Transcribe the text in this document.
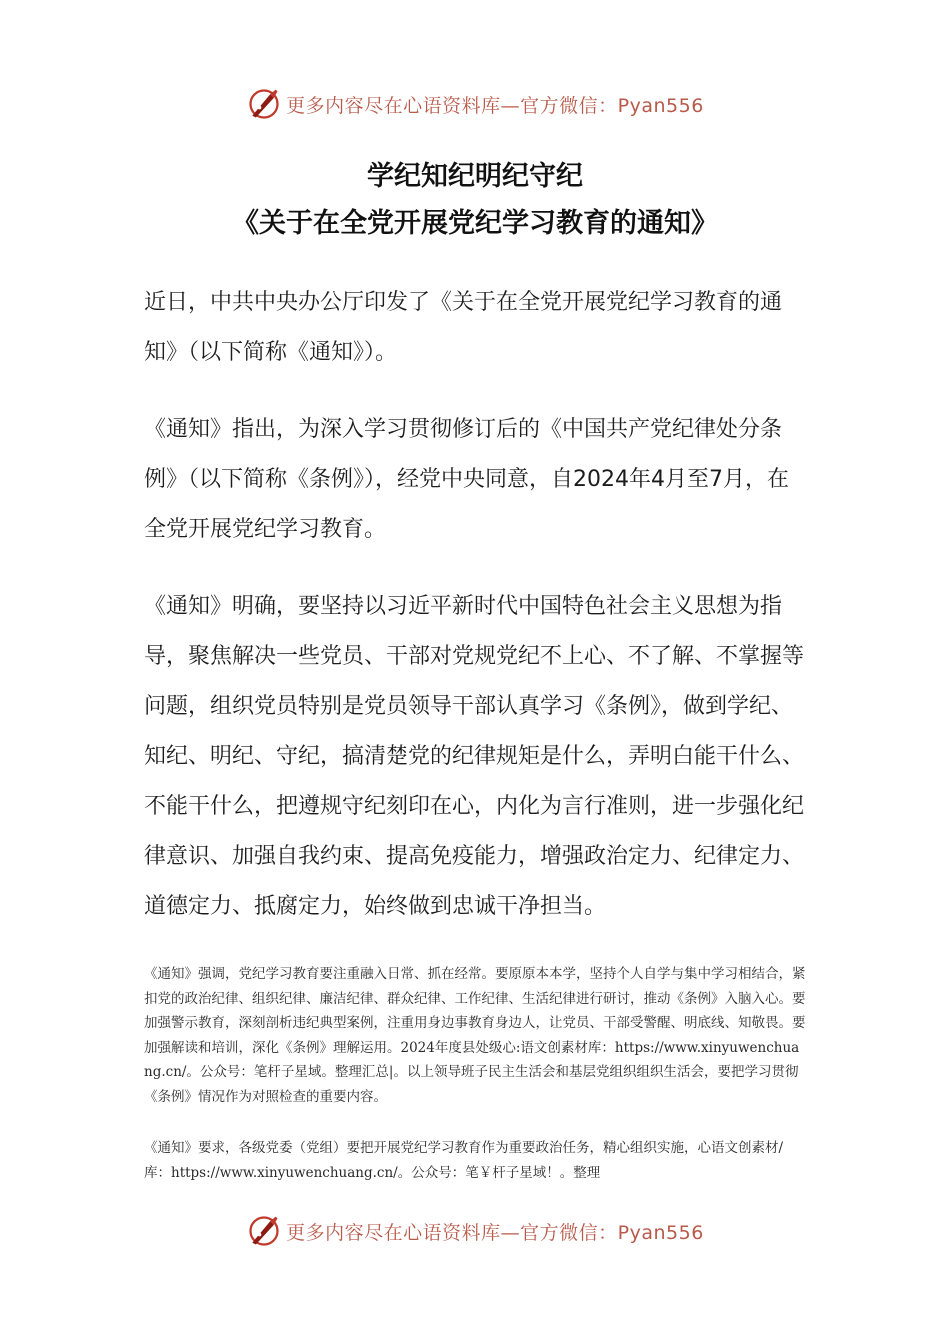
更多内容尽在心语资料库—官方微信：Pyan556
学纪知纪明纪守纪
《关于在全党开展党纪学习教育的通知》

近日，中共中央办公厅印发了《关于在全党开展党纪学习教育的通知》（以下简称《通知》）。

《通知》指出，为深入学习贯彻修订后的《中国共产党纪律处分条例》（以下简称《条例》），经党中央同意，自2024年4月至7月，在全党开展党纪学习教育。

《通知》明确，要坚持以习近平新时代中国特色社会主义思想为指导，聚焦解决一些党员、干部对党规党纪不上心、不了解、不掌握等问题，组织党员特别是党员领导干部认真学习《条例》，做到学纪、知纪、明纪、守纪，搞清楚党的纪律规矩是什么，弄明白能干什么、不能干什么，把遵规守纪刻印在心，内化为言行准则，进一步强化纪律意识、加强自我约束、提高免疫能力，增强政治定力、纪律定力、道德定力、抵腐定力，始终做到忠诚干净担当。

《通知》强调，党纪学习教育要注重融入日常、抓在经常。要原原本本学，坚持个人自学与集中学习相结合，紧扣党的政治纪律、组织纪律、廉洁纪律、群众纪律、工作纪律、生活纪律进行研讨，推动《条例》入脑入心。要加强警示教育，深刻剖析违纪典型案例，注重用身边事教育身边人，让党员、干部受警醒、明底线、知敬畏。要加强解读和培训，深化《条例》理解运用。2024年度县处级心:语文创素材库：https://www.xinyuwenchuang.cn/。公众号：笔杆子星域。整理汇总|。以上领导班子民主生活会和基层党组织组织生活会，要把学习贯彻《条例》情况作为对照检查的重要内容。

《通知》要求，各级党委（党组）要把开展党纪学习教育作为重要政治任务，精心组织实施，心语文创素材/库：https://www.xinyuwenchuang.cn/。公众号：笔￥杆子星域！。整理

更多内容尽在心语资料库—官方微信：Pyan556
